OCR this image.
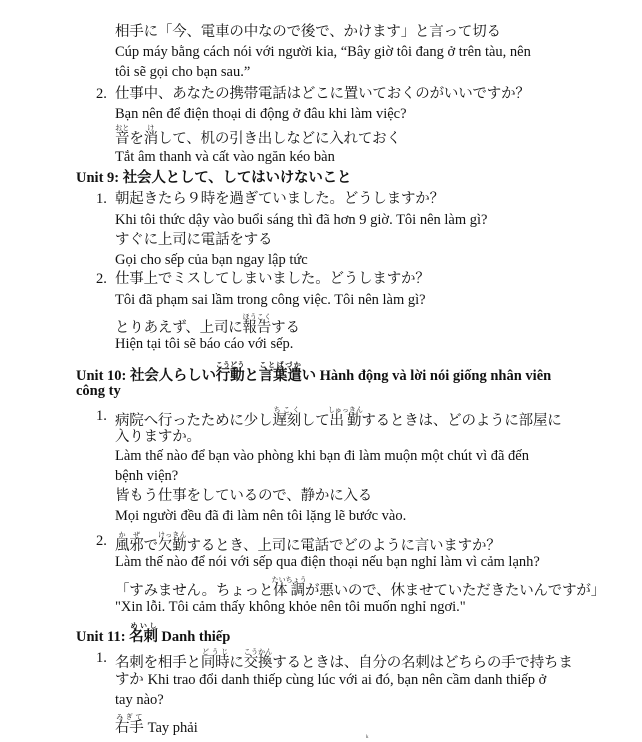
相手に「今、電車の中なので後で、かけます」と言って切る
Cúp máy bằng cách nói với người kia, “Bây giờ tôi đang ở trên tàu, nên
tôi sẽ gọi cho bạn sau.”
2. 仕事中、あなたの携帯電話はどこに置いておくのがいいですか？
Bạn nên để điện thoại di động ở đâu khi làm việc?
音おとを消けして、机の引き出しなどに入れておく
Tắt âm thanh và cất vào ngăn kéo bàn
Unit 9: 社会人として、してはいけないこと
1. 朝起きたら９時を過ぎていました。どうしますか？
Khi tôi thức dậy vào buổi sáng thì đã hơn 9 giờ. Tôi nên làm gì?
すぐに上司に電話をする
Gọi cho sếp của bạn ngay lập tức
2. 仕事上でミスしてしまいました。どうしますか？
Tôi đã phạm sai lầm trong công việc. Tôi nên làm gì?
とりあえず、上司に報告ほうこくする
Hiện tại tôi sẽ báo cáo với sếp.
Unit 10: 社会人らしい行動こうどうと言葉遣ことばづかい Hành động và lời nói giống nhân viên
công ty
1. 病院へ行ったために少し遅刻ちこくして出勤しゅっきんするときは、どのように部屋に
入りますか。
Làm thế nào để bạn vào phòng khi bạn đi làm muộn một chút vì đã đến
bệnh viện?
皆もう仕事をしているので、静かに入る
Mọi người đều đã đi làm nên tôi lặng lẽ bước vào.
2. 風邪かぜで欠勤けっきんするとき、上司に電話でどのように言いますか？
Làm thế nào để nói với sếp qua điện thoại nếu bạn nghỉ làm vì cảm lạnh?
「すみません。ちょっと体調たいちょうが悪いので、休ませていただきたいんですが」
"Xin lỗi. Tôi cảm thấy không khỏe nên tôi muốn nghỉ ngơi."
Unit 11: 名刺めいし Danh thiếp
1. 名刺を相手と同時どうじに交換こうかんするときは、自分の名刺はどちらの手で持ちま
すか Khi trao đổi danh thiếp cùng lúc với ai đó, bạn nên cầm danh thiếp ở
tay nào?
右手みぎて Tay phải
ᵏ
